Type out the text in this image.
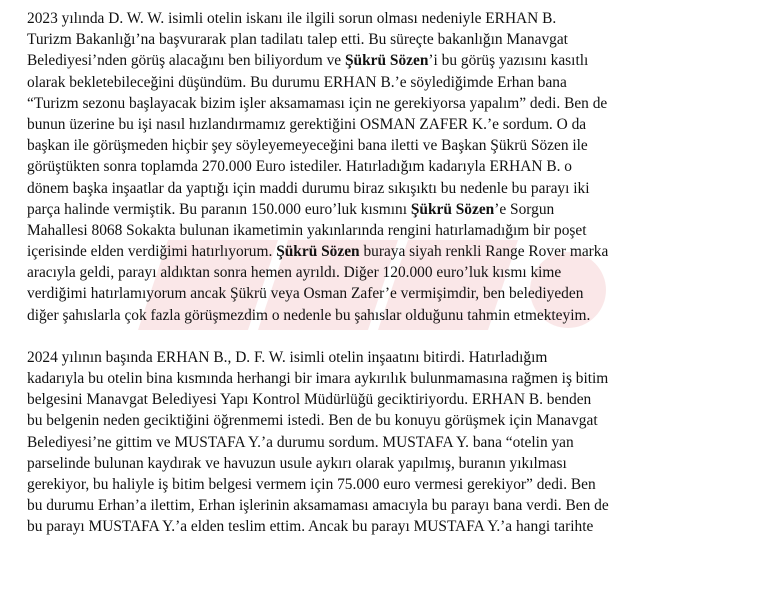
2023 yılında D. W. W. isimli otelin iskanı ile ilgili sorun olması nedeniyle ERHAN B.
Turizm Bakanlığı’na başvurarak plan tadilatı talep etti. Bu süreçte bakanlığın Manavgat
Belediyesi’nden görüş alacağını ben biliyordum ve Şükrü Sözen’i bu görüş yazısını kasıtlı
olarak bekletebileceğini düşündüm. Bu durumu ERHAN B.’e söylediğimde Erhan bana
“Turizm sezonu başlayacak bizim işler aksamaması için ne gerekiyorsa yapalım” dedi. Ben de
bunun üzerine bu işi nasıl hızlandırmamız gerektiğini OSMAN ZAFER K.’e sordum. O da
başkan ile görüşmeden hiçbir şey söyleyemeyeceğini bana iletti ve Başkan Şükrü Sözen ile
görüştükten sonra toplamda 270.000 Euro istediler. Hatırladığım kadarıyla ERHAN B. o
dönem başka inşaatlar da yaptığı için maddi durumu biraz sıkışıktı bu nedenle bu parayı iki
parça halinde vermiştik. Bu paranın 150.000 euro’luk kısmını Şükrü Sözen’e Sorgun
Mahallesi 8068 Sokakta bulunan ikametimin yakınlarında rengini hatırlamadığım bir poşet
içerisinde elden verdiğimi hatırlıyorum. Şükrü Sözen buraya siyah renkli Range Rover marka
aracıyla geldi, parayı aldıktan sonra hemen ayrıldı. Diğer 120.000 euro’luk kısmı kime
verdiğimi hatırlamıyorum ancak Şükrü veya Osman Zafer’e vermişimdir, ben belediyeden
diğer şahıslarla çok fazla görüşmezdim o nedenle bu şahıslar olduğunu tahmin etmekteyim.
2024 yılının başında ERHAN B., D. F. W. isimli otelin inşaatını bitirdi. Hatırladığım
kadarıyla bu otelin bina kısmında herhangi bir imara aykırılık bulunmamasına rağmen iş bitim
belgesini Manavgat Belediyesi Yapı Kontrol Müdürlüğü geciktiriyordu. ERHAN B. benden
bu belgenin neden geciktiğini öğrenmemi istedi. Ben de bu konuyu görüşmek için Manavgat
Belediyesi’ne gittim ve MUSTAFA Y.’a durumu sordum. MUSTAFA Y. bana “otelin yan
parselinde bulunan kaydırak ve havuzun usule aykırı olarak yapılmış, buranın yıkılması
gerekiyor, bu haliyle iş bitim belgesi vermem için 75.000 euro vermesi gerekiyor” dedi. Ben
bu durumu Erhan’a ilettim, Erhan işlerinin aksamaması amacıyla bu parayı bana verdi. Ben de
bu parayı MUSTAFA Y.’a elden teslim ettim. Ancak bu parayı MUSTAFA Y.’a hangi tarihte
